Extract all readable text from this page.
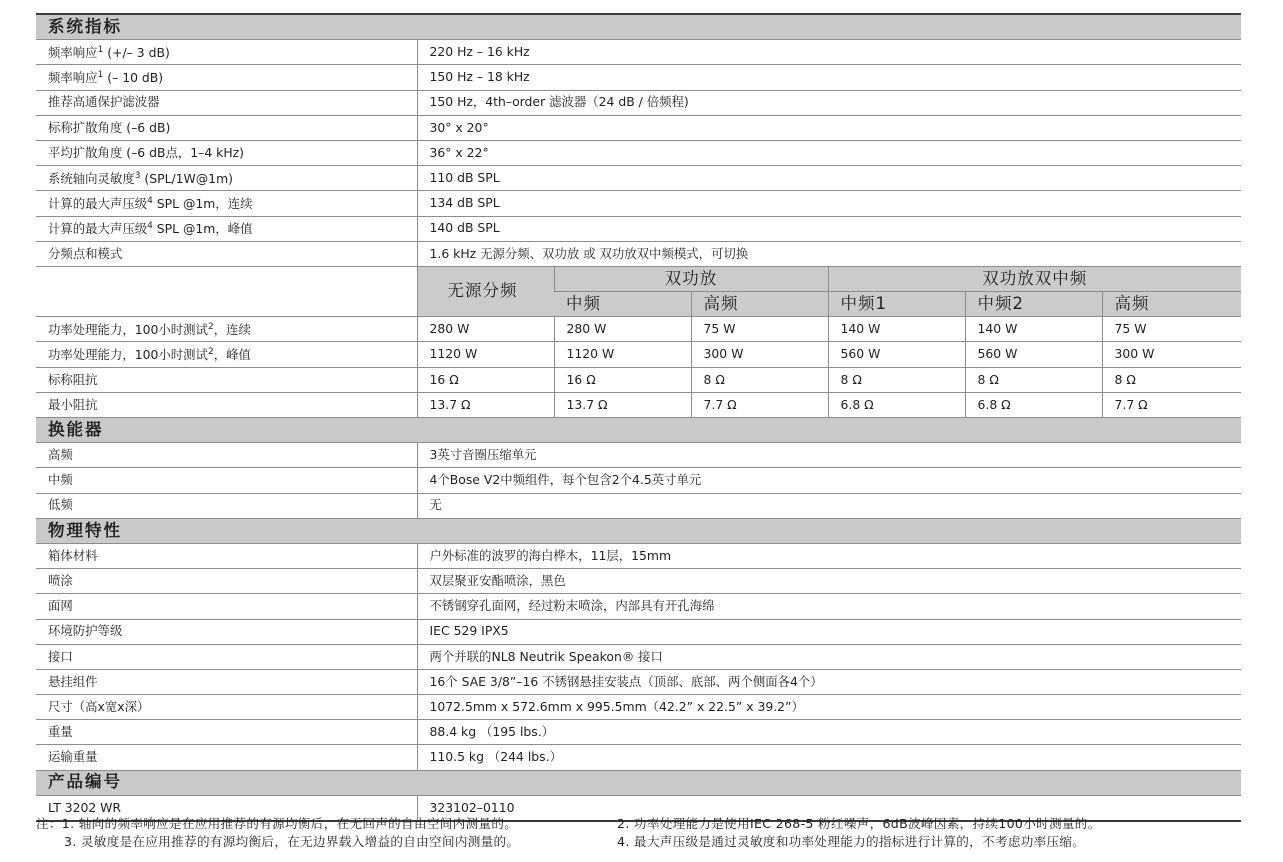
系统指标						
频率响应$^1$ (+/– 3 dB)	220 Hz – 16 kHz					
频率响应$^1$ (– 10 dB)	150 Hz – 18 kHz					
推荐高通保护滤波器	150 Hz，4th–order 滤波器（24 dB / 倍频程)					
标称扩散角度 (–6 dB)	30° x 20°					
平均扩散角度 (–6 dB点，1–4 kHz)	36° x 22°					
系统轴向灵敏度$^3$ (SPL/1W@1m)	110 dB SPL					
计算的最大声压级$^4$ SPL @1m，连续	134 dB SPL					
计算的最大声压级$^4$ SPL @1m，峰值	140 dB SPL					
分频点和模式	1.6 kHz 无源分频、双功放 或 双功放双中频模式，可切换					
	无源分频	双功放		双功放双中频		
		中频	高频	中频1	中频2	高频
功率处理能力，100小时测试$^2$，连续	280 W	280 W	75 W	140 W	140 W	75 W
功率处理能力，100小时测试$^2$，峰值	1120 W	1120 W	300 W	560 W	560 W	300 W
标称阻抗	16 Ω	16 Ω	8 Ω	8 Ω	8 Ω	8 Ω
最小阻抗	13.7 Ω	13.7 Ω	7.7 Ω	6.8 Ω	6.8 Ω	7.7 Ω
换能器						
高频	3英寸音圈压缩单元					
中频	4个Bose V2中频组件，每个包含2个4.5英寸单元					
低频	无					
物理特性						
箱体材料	户外标准的波罗的海白桦木，11层，15mm					
喷涂	双层聚亚安酯喷涂，黑色					
面网	不锈钢穿孔面网，经过粉末喷涂，内部具有开孔海绵					
环境防护等级	IEC 529 IPX5					
接口	两个并联的NL8 Neutrik Speakon® 接口					
悬挂组件	16个 SAE 3/8”–16 不锈钢悬挂安装点（顶部、底部、两个侧面各4个）					
尺寸（高x宽x深）	1072.5mm x 572.6mm x 995.5mm（42.2” x 22.5” x 39.2”）					
重量	88.4 kg （195 lbs.）					
运输重量	110.5 kg （244 lbs.）					
产品编号						
LT 3202 WR	323102–0110					
注：1. 轴向的频率响应是在应用推荐的有源均衡后，在无回声的自由空间内测量的。	2. 功率处理能力是使用IEC 268-5 粉红噪声，6dB波峰因素，持续100小时测量的。
3. 灵敏度是在应用推荐的有源均衡后，在无边界载入增益的自由空间内测量的。	4. 最大声压级是通过灵敏度和功率处理能力的指标进行计算的，不考虑功率压缩。
